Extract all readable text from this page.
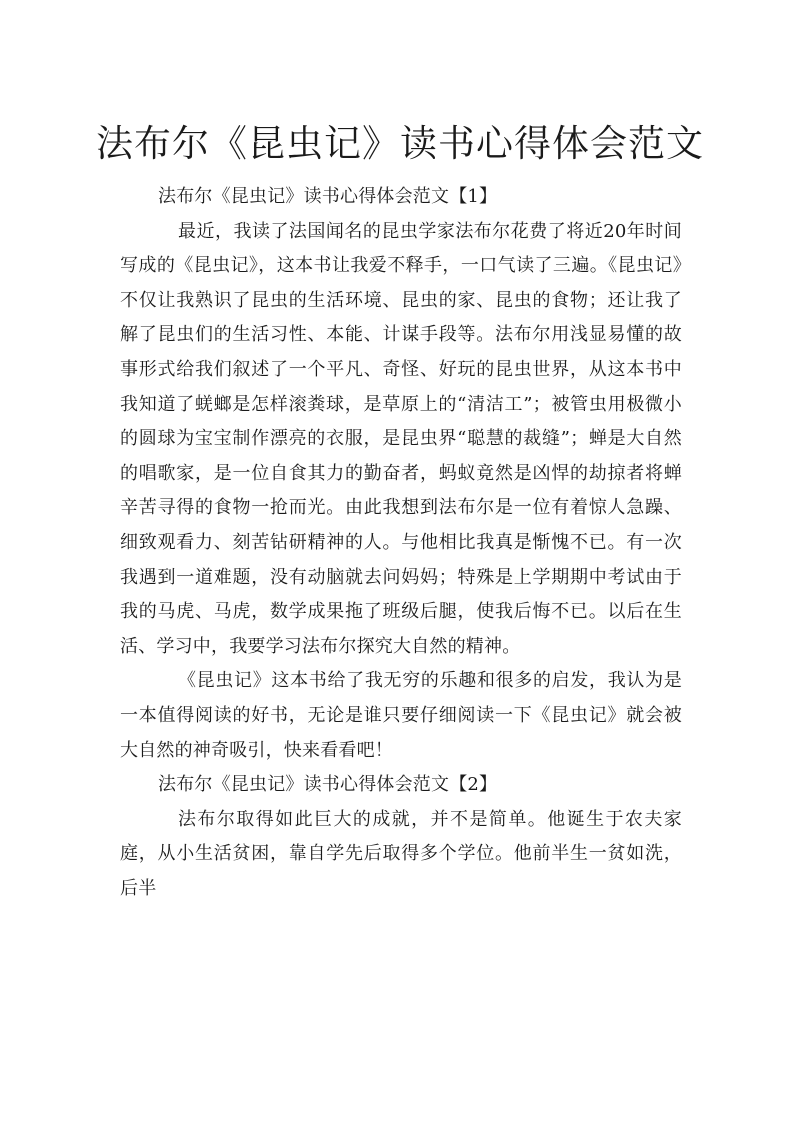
法布尔《昆虫记》读书心得体会范文

法布尔《昆虫记》读书心得体会范文【1】

最近，我读了法国闻名的昆虫学家法布尔花费了将近20年时间写成的《昆虫记》，这本书让我爱不释手，一口气读了三遍。《昆虫记》不仅让我熟识了昆虫的生活环境、昆虫的家、昆虫的食物；还让我了解了昆虫们的生活习性、本能、计谋手段等。法布尔用浅显易懂的故事形式给我们叙述了一个平凡、奇怪、好玩的昆虫世界，从这本书中我知道了蜣螂是怎样滚粪球，是草原上的“清洁工”；被管虫用极微小的圆球为宝宝制作漂亮的衣服，是昆虫界“聪慧的裁缝”；蝉是大自然的唱歌家，是一位自食其力的勤奋者，蚂蚁竟然是凶悍的劫掠者将蝉辛苦寻得的食物一抢而光。由此我想到法布尔是一位有着惊人急躁、细致观看力、刻苦钻研精神的人。与他相比我真是惭愧不已。有一次我遇到一道难题，没有动脑就去问妈妈；特殊是上学期期中考试由于我的马虎、马虎，数学成果拖了班级后腿，使我后悔不已。以后在生活、学习中，我要学习法布尔探究大自然的精神。

《昆虫记》这本书给了我无穷的乐趣和很多的启发，我认为是一本值得阅读的好书，无论是谁只要仔细阅读一下《昆虫记》就会被大自然的神奇吸引，快来看看吧！

法布尔《昆虫记》读书心得体会范文【2】

法布尔取得如此巨大的成就，并不是简单。他诞生于农夫家庭，从小生活贫困，靠自学先后取得多个学位。他前半生一贫如洗，后半
